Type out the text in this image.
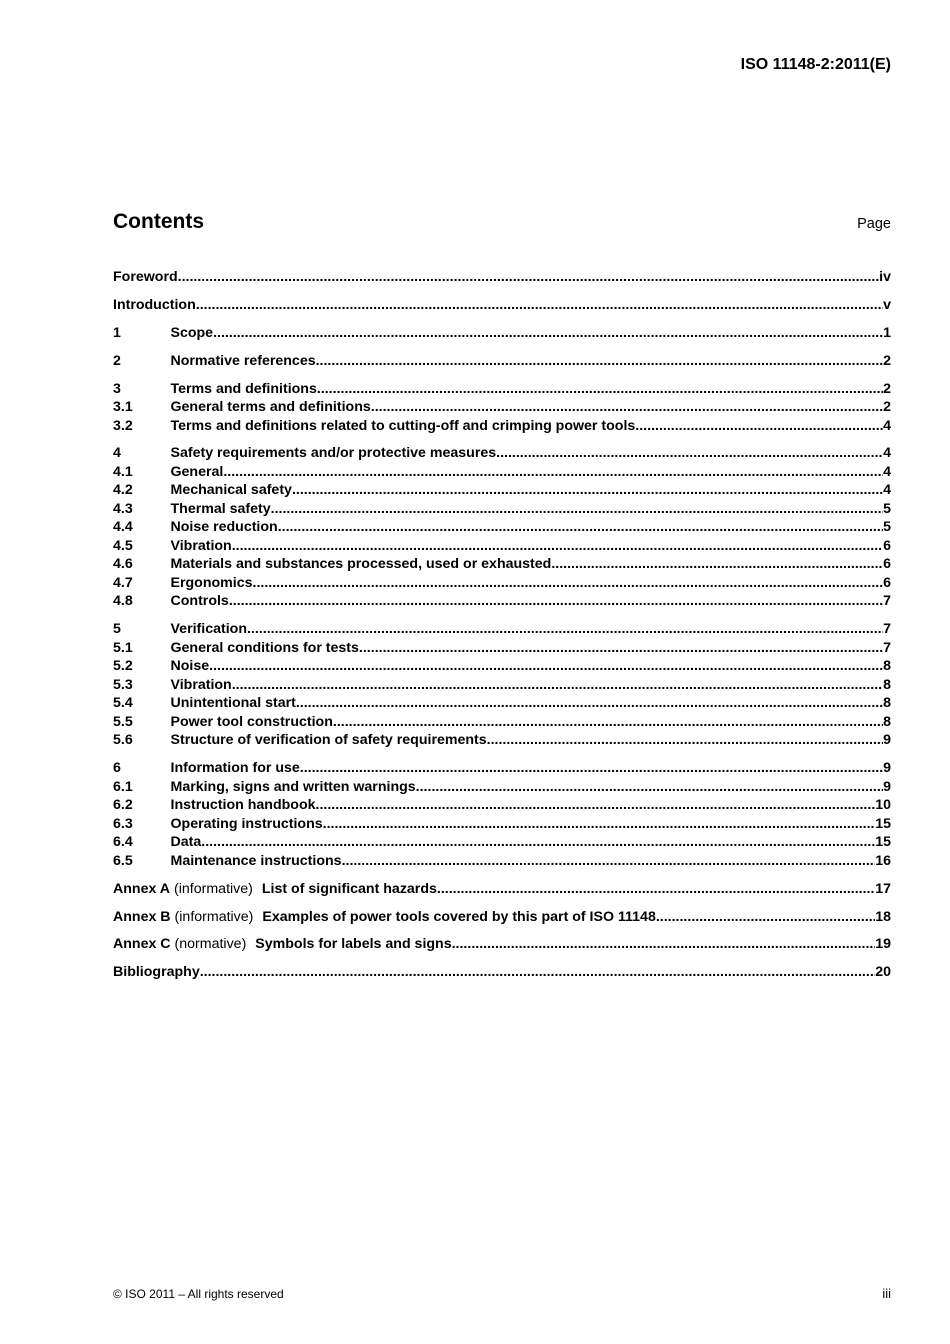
ISO 11148-2:2011(E)
Contents	Page
Foreword .....	iv
Introduction .....	v
1	Scope .....	1
2	Normative references .....	2
3	Terms and definitions .....	2
3.1	General terms and definitions .....	2
3.2	Terms and definitions related to cutting-off and crimping power tools .....	4
4	Safety requirements and/or protective measures .....	4
4.1	General .....	4
4.2	Mechanical safety .....	4
4.3	Thermal safety .....	5
4.4	Noise reduction .....	5
4.5	Vibration .....	6
4.6	Materials and substances processed, used or exhausted .....	6
4.7	Ergonomics .....	6
4.8	Controls .....	7
5	Verification .....	7
5.1	General conditions for tests .....	7
5.2	Noise .....	8
5.3	Vibration .....	8
5.4	Unintentional start .....	8
5.5	Power tool construction .....	8
5.6	Structure of verification of safety requirements .....	9
6	Information for use .....	9
6.1	Marking, signs and written warnings .....	9
6.2	Instruction handbook .....	10
6.3	Operating instructions .....	15
6.4	Data .....	15
6.5	Maintenance instructions .....	16
Annex A (informative) List of significant hazards .....	17
Annex B (informative) Examples of power tools covered by this part of ISO 11148 .....	18
Annex C (normative) Symbols for labels and signs .....	19
Bibliography .....	20
© ISO 2011 – All rights reserved	iii
